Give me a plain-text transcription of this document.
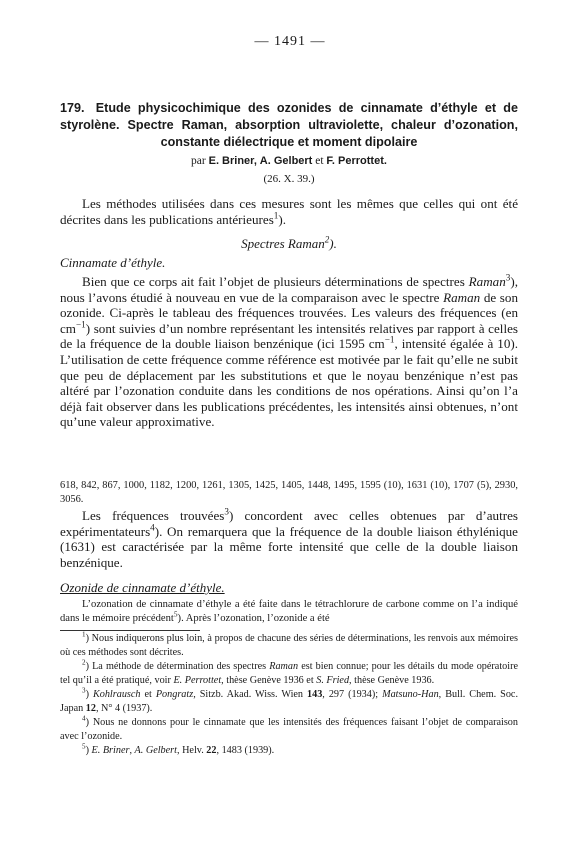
— 1491 —
179. Etude physicochimique des ozonides de cinnamate d’éthyle et de styrolène. Spectre Raman, absorption ultraviolette, chaleur d’ozonation, constante diélectrique et moment dipolaire
par E. Briner, A. Gelbert et F. Perrottet.
(26. X. 39.)
Les méthodes utilisées dans ces mesures sont les mêmes que celles qui ont été décrites dans les publications antérieures$^1$).
Spectres Raman$^2$).
Cinnamate d’éthyle.
Bien que ce corps ait fait l’objet de plusieurs déterminations de spectres Raman$^3$), nous l’avons étudié à nouveau en vue de la comparaison avec le spectre Raman de son ozonide. Ci-après le tableau des fréquences trouvées. Les valeurs des fréquences (en $cm^{-1}$) sont suivies d’un nombre représentant les intensités relatives par rapport à celles de la fréquence de la double liaison benzénique (ici 1595 $cm^{-1}$, intensité égalée à 10). L’utilisation de cette fréquence comme référence est motivée par le fait qu’elle ne subit que peu de déplacement par les substitutions et que le noyau benzénique n’est pas altéré par l’ozonation conduite dans les conditions de nos opérations. Ainsi qu’on l’a déjà fait observer dans les publications précédentes, les intensités ainsi obtenues, n’ont qu’une valeur approximative.
618, 842, 867, 1000, 1182, 1200, 1261, 1305, 1425, 1405, 1448, 1495, 1595 (10), 1631 (10), 1707 (5), 2930, 3056.
Les fréquences trouvées$^3$) concordent avec celles obtenues par d’autres expérimentateurs$^4$). On remarquera que la fréquence de la double liaison éthylénique (1631) est caractérisée par la même forte intensité que celle de la double liaison benzénique.
Ozonide de cinnamate d’éthyle.
L’ozonation de cinnamate d’éthyle a été faite dans le tétrachlorure de carbone comme on l’a indiqué dans le mémoire précédent$^5$). Après l’ozonation, l’ozonide a été

$^1$) Nous indiquerons plus loin, à propos de chacune des séries de déterminations, les renvois aux mémoires où ces méthodes sont décrites.

$^2$) La méthode de détermination des spectres Raman est bien connue; pour les détails du mode opératoire tel qu’il a été pratiqué, voir E. Perrottet, thèse Genève 1936 et S. Fried, thèse Genève 1936.

$^3$) Kohlrausch et Pongratz, Sitzb. Akad. Wiss. Wien 143, 297 (1934); Matsuno-Han, Bull. Chem. Soc. Japan 12, N° 4 (1937).

$^4$) Nous ne donnons pour le cinnamate que les intensités des fréquences faisant l’objet de comparaison avec l’ozonide.

$^5$) E. Briner, A. Gelbert, Helv. 22, 1483 (1939).
